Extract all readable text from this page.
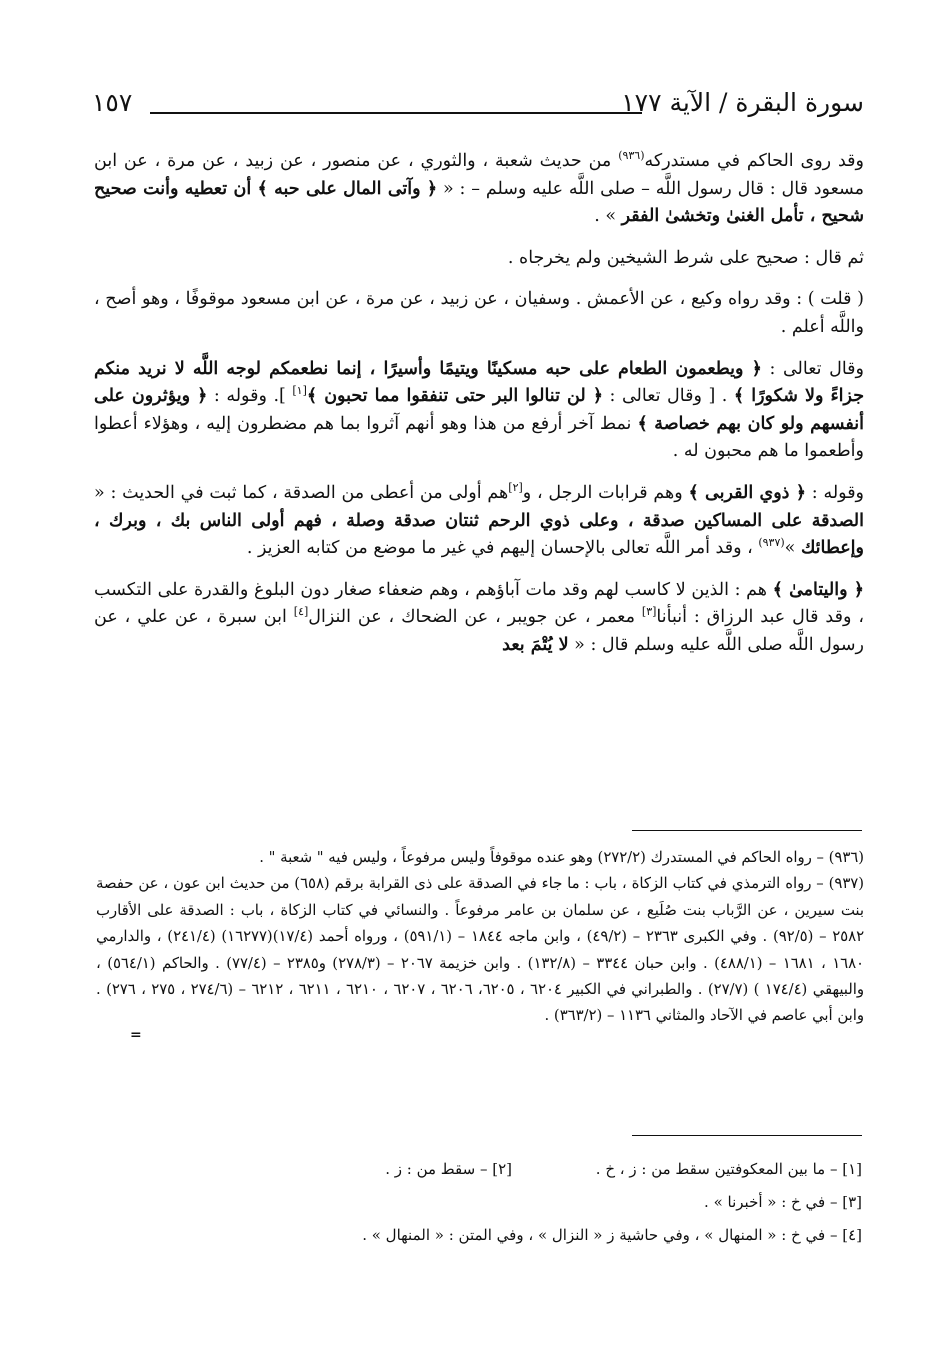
سورة البقرة / الآية ١٧٧
١٥٧

وقد روى الحاكم في مستدركه$^{(٩٣٦)}$ من حديث شعبة ، والثوري ، عن منصور ، عن زبيد ، عن مرة ، عن ابن مسعود قال : قال رسول اللَّه – صلى اللَّه عليه وسلم – : « ﴿ وآتى المال على حبه ﴾ أن تعطيه وأنت صحيح شحيح ، تأمل الغنىٰ وتخشىٰ الفقر » .

ثم قال : صحيح على شرط الشيخين ولم يخرجاه .

( قلت ) : وقد رواه وكيع ، عن الأعمش . وسفيان ، عن زبيد ، عن مرة ، عن ابن مسعود موقوفًا ، وهو أصح ، واللَّه أعلم .

وقال تعالى : ﴿ ويطعمون الطعام على حبه مسكينًا ويتيمًا وأسيرًا ، إنما نطعمكم لوجه اللَّه لا نريد منكم جزاءً ولا شكورًا ﴾ . [ وقال تعالى : ﴿ لن تنالوا البر حتى تنفقوا مما تحبون ﴾[١] ]. وقوله : ﴿ ويؤثرون على أنفسهم ولو كان بهم خصاصة ﴾ نمط آخر أرفع من هذا وهو أنهم آثروا بما هم مضطرون إليه ، وهؤلاء أعطوا وأطعموا ما هم محبون له .

وقوله : ﴿ ذوي القربى ﴾ وهم قرابات الرجل ، و[٢]هم أولى من أعطى من الصدقة ، كما ثبت في الحديث : « الصدقة على المساكين صدقة ، وعلى ذوي الرحم ثنتان صدقة وصلة ، فهم أولى الناس بك ، وبرك ، وإعطائك »$^{(٩٣٧)}$ ، وقد أمر اللَّه تعالى بالإحسان إليهم في غير ما موضع من كتابه العزيز .

﴿ واليتامىٰ ﴾ هم : الذين لا كاسب لهم وقد مات آباؤهم ، وهم ضعفاء صغار دون البلوغ والقدرة على التكسب ، وقد قال عبد الرزاق : أنبأنا[٣] معمر ، عن جويبر ، عن الضحاك ، عن النزال[٤] ابن سبرة ، عن علي ، عن رسول اللَّه صلى اللَّه عليه وسلم قال : « لا يُتْمَ بعد

(٩٣٦) – رواه الحاكم في المستدرك (٢٧٢/٢) وهو عنده موقوفاً وليس مرفوعاً ، وليس فيه " شعبة " .

(٩٣٧) – رواه الترمذي في كتاب الزكاة ، باب : ما جاء في الصدقة على ذى القرابة برقم (٦٥٨) من حديث ابن عون ، عن حفصة بنت سيرين ، عن الرَّباب بنت صُلَيع ، عن سلمان بن عامر مرفوعاً . والنسائي في كتاب الزكاة ، باب : الصدقة على الأقارب ٢٥٨٢ – (٩٢/٥) . وفي الكبرى ٢٣٦٣ – (٤٩/٢) ، وابن ماجه ١٨٤٤ – (٥٩١/١) ، ورواه أحمد (١٧/٤)(١٦٢٧٧) (٢٤١/٤) ، والدارمي ١٦٨٠ ، ١٦٨١ – (٤٨٨/١) . وابن حبان ٣٣٤٤ – (١٣٢/٨) . وابن خزيمة ٢٠٦٧ – (٢٧٨/٣) و٢٣٨٥ – (٧٧/٤) . والحاكم (٥٦٤/١) ، والبيهقي (١٧٤/٤ ) (٢٧/٧) . والطبراني في الكبير ٦٢٠٤ ، ٦٢٠٥، ٦٢٠٦ ، ٦٢٠٧ ، ٦٢١٠ ، ٦٢١١ ، ٦٢١٢ – (٢٧٤/٦ ، ٢٧٥ ، ٢٧٦) . وابن أبي عاصم في الآحاد والمثاني ١١٣٦ – (٣٦٣/٢) .

=
[١] – ما بين المعكوفتين سقط من : ز ، خ .
[٢] – سقط من : ز .
[٣] – في خ : « أخبرنا » .
[٤] – في خ : « المنهال » ، وفي حاشية ز « النزال » ، وفي المتن : « المنهال » .
